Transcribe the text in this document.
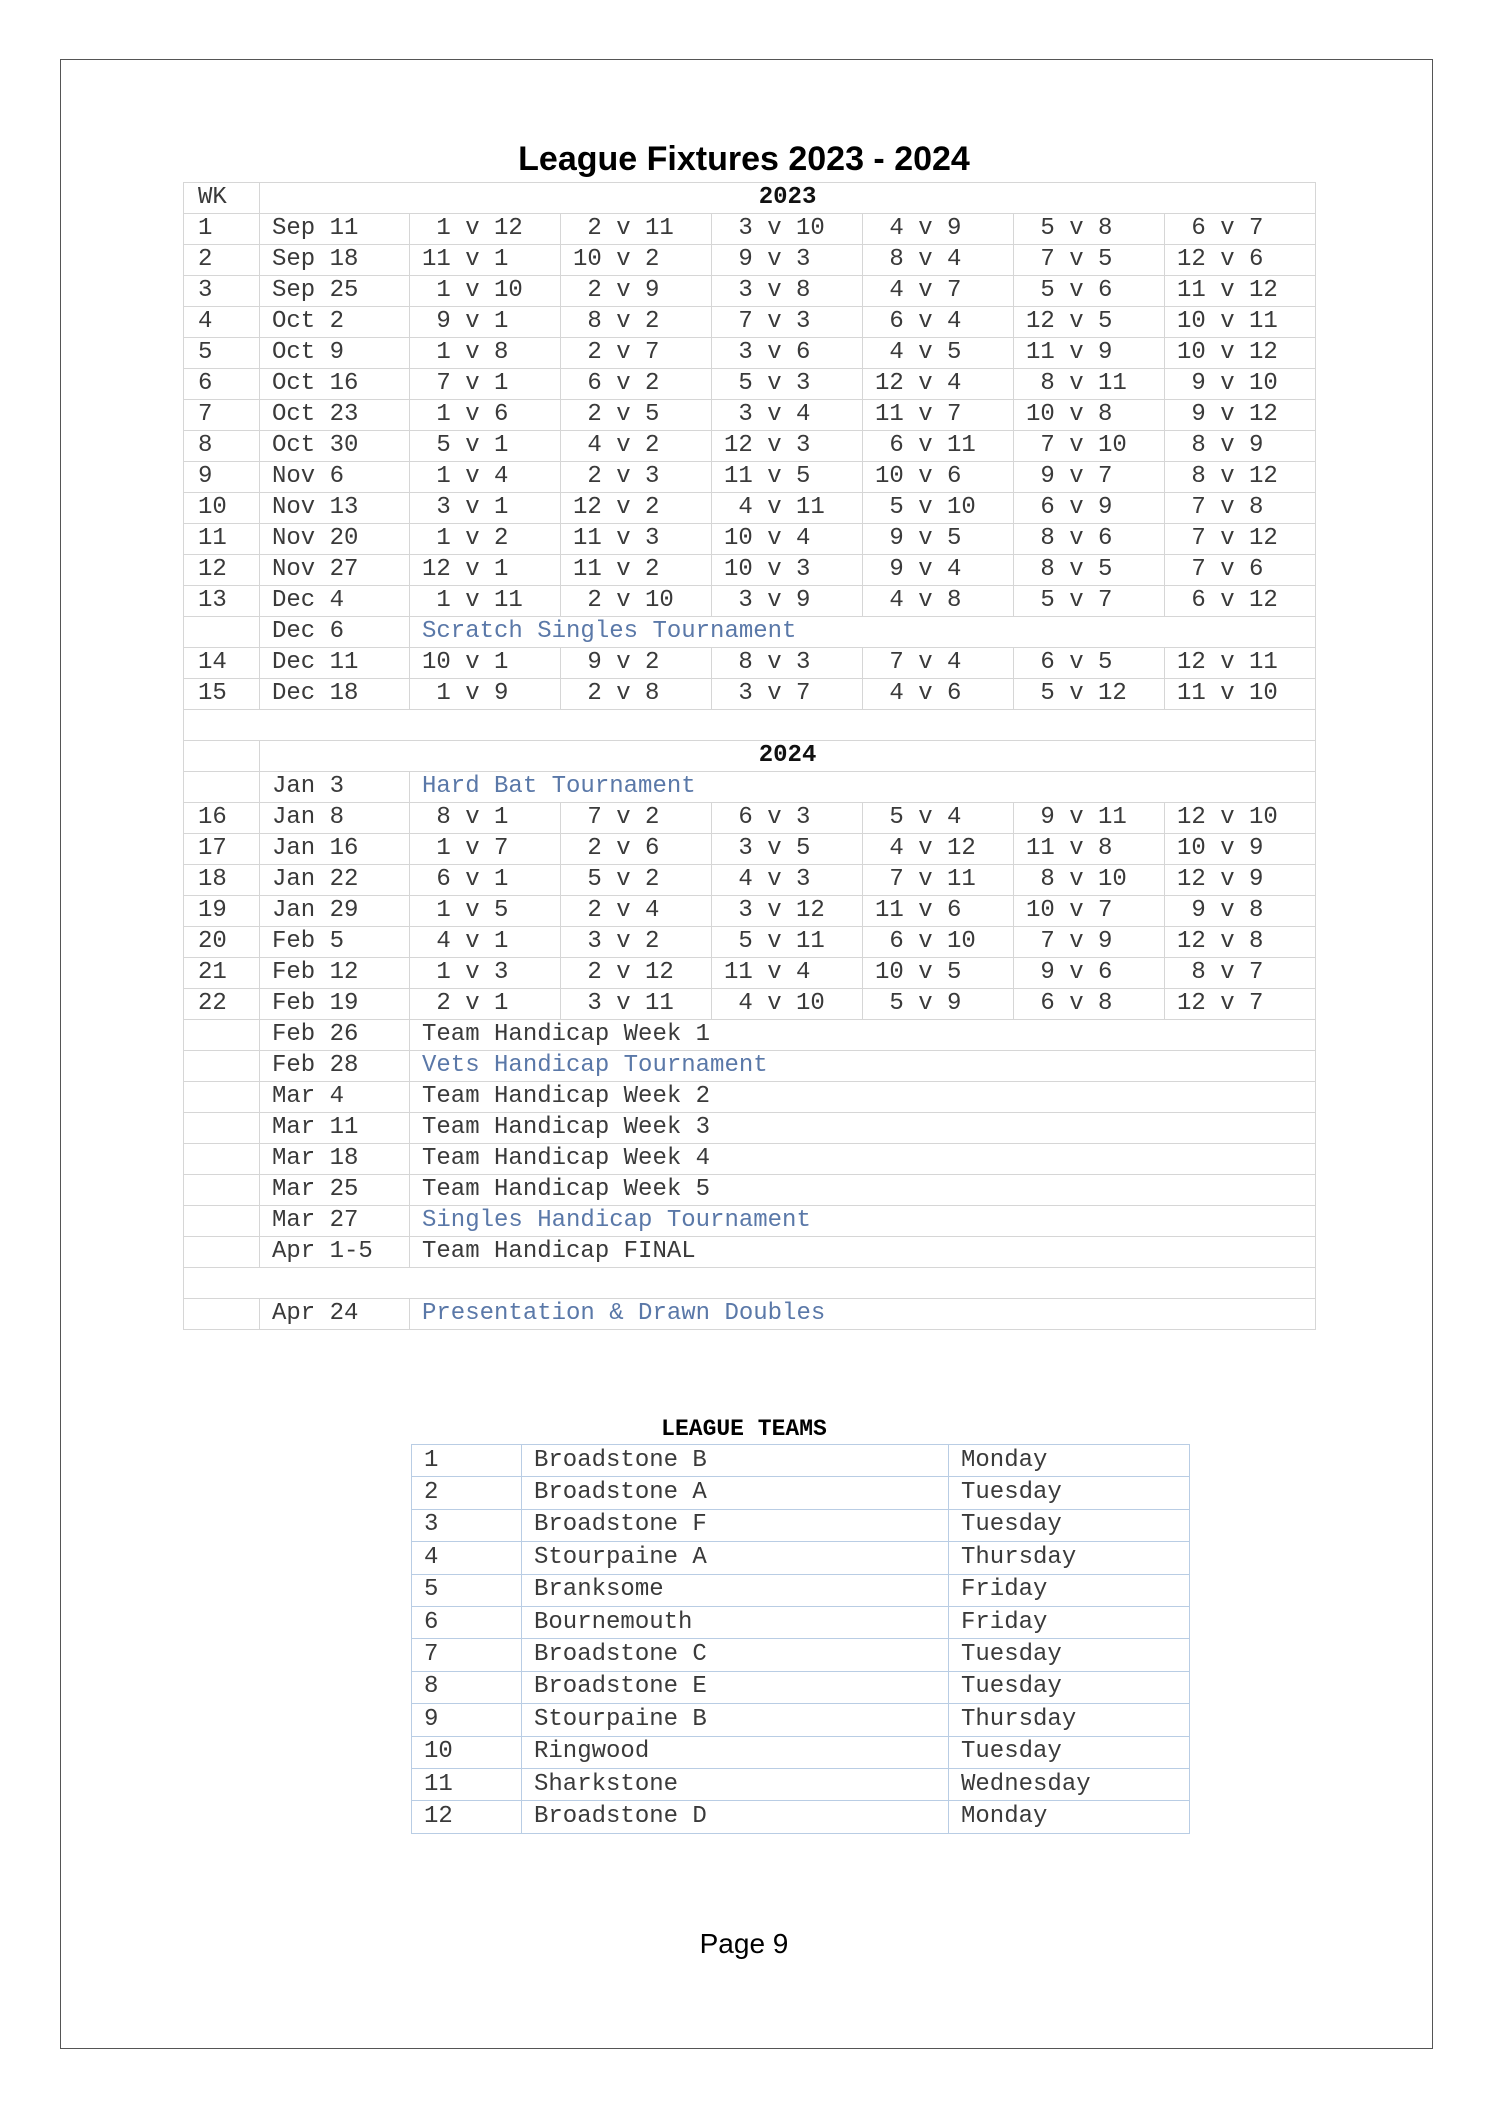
League Fixtures 2023 - 2024
WK	2023						
1	Sep 11	1 v 12	2 v 11	3 v 10	4 v 9	5 v 8	6 v 7
2	Sep 18	11 v 1	10 v 2	9 v 3	8 v 4	7 v 5	12 v 6
3	Sep 25	1 v 10	2 v 9	3 v 8	4 v 7	5 v 6	11 v 12
4	Oct 2	9 v 1	8 v 2	7 v 3	6 v 4	12 v 5	10 v 11
5	Oct 9	1 v 8	2 v 7	3 v 6	4 v 5	11 v 9	10 v 12
6	Oct 16	7 v 1	6 v 2	5 v 3	12 v 4	8 v 11	9 v 10
7	Oct 23	1 v 6	2 v 5	3 v 4	11 v 7	10 v 8	9 v 12
8	Oct 30	5 v 1	4 v 2	12 v 3	6 v 11	7 v 10	8 v 9
9	Nov 6	1 v 4	2 v 3	11 v 5	10 v 6	9 v 7	8 v 12
10	Nov 13	3 v 1	12 v 2	4 v 11	5 v 10	6 v 9	7 v 8
11	Nov 20	1 v 2	11 v 3	10 v 4	9 v 5	8 v 6	7 v 12
12	Nov 27	12 v 1	11 v 2	10 v 3	9 v 4	8 v 5	7 v 6
13	Dec 4	1 v 11	2 v 10	3 v 9	4 v 8	5 v 7	6 v 12
	Dec 6	Scratch Singles Tournament					
14	Dec 11	10 v 1	9 v 2	8 v 3	7 v 4	6 v 5	12 v 11
15	Dec 18	1 v 9	2 v 8	3 v 7	4 v 6	5 v 12	11 v 10

	2024						
	Jan 3	Hard Bat Tournament					
16	Jan 8	8 v 1	7 v 2	6 v 3	5 v 4	9 v 11	12 v 10
17	Jan 16	1 v 7	2 v 6	3 v 5	4 v 12	11 v 8	10 v 9
18	Jan 22	6 v 1	5 v 2	4 v 3	7 v 11	8 v 10	12 v 9
19	Jan 29	1 v 5	2 v 4	3 v 12	11 v 6	10 v 7	9 v 8
20	Feb 5	4 v 1	3 v 2	5 v 11	6 v 10	7 v 9	12 v 8
21	Feb 12	1 v 3	2 v 12	11 v 4	10 v 5	9 v 6	8 v 7
22	Feb 19	2 v 1	3 v 11	4 v 10	5 v 9	6 v 8	12 v 7
	Feb 26	Team Handicap Week 1					
	Feb 28	Vets Handicap Tournament					
	Mar 4	Team Handicap Week 2					
	Mar 11	Team Handicap Week 3					
	Mar 18	Team Handicap Week 4					
	Mar 25	Team Handicap Week 5					
	Mar 27	Singles Handicap Tournament					
	Apr 1-5	Team Handicap FINAL					

	Apr 24	Presentation & Drawn Doubles					
LEAGUE TEAMS
1	Broadstone B	Monday
2	Broadstone A	Tuesday
3	Broadstone F	Tuesday
4	Stourpaine A	Thursday
5	Branksome	Friday
6	Bournemouth	Friday
7	Broadstone C	Tuesday
8	Broadstone E	Tuesday
9	Stourpaine B	Thursday
10	Ringwood	Tuesday
11	Sharkstone	Wednesday
12	Broadstone D	Monday
Page 9
